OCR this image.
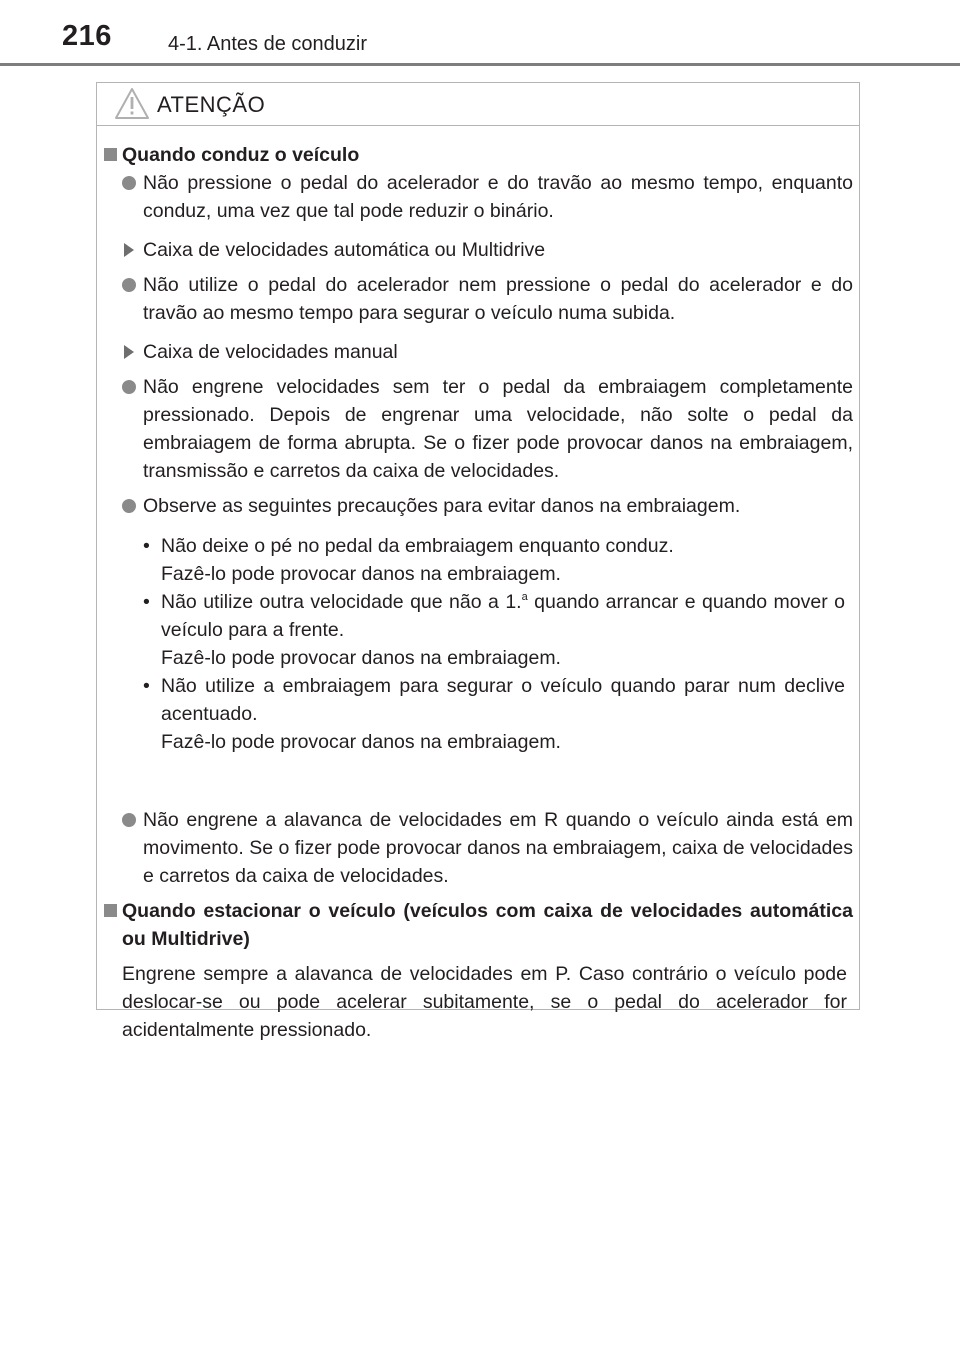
216	4-1. Antes de conduzir
ATENÇÃO
Quando conduz o veículo
Não pressione o pedal do acelerador e do travão ao mesmo tempo, enquanto conduz, uma vez que tal pode reduzir o binário.
Caixa de velocidades automática ou Multidrive
Não utilize o pedal do acelerador nem pressione o pedal do acelerador e do travão ao mesmo tempo para segurar o veículo numa subida.
Caixa de velocidades manual
Não engrene velocidades sem ter o pedal da embraiagem completamente pressionado. Depois de engrenar uma velocidade, não solte o pedal da embraiagem de forma abrupta. Se o fizer pode provocar danos na embraiagem, transmissão e carretos da caixa de velocidades.
Observe as seguintes precauções para evitar danos na embraiagem.
• Não deixe o pé no pedal da embraiagem enquanto conduz.
Fazê-lo pode provocar danos na embraiagem.
• Não utilize outra velocidade que não a 1.$^a$ quando arrancar e quando mover o veículo para a frente.
Fazê-lo pode provocar danos na embraiagem.
• Não utilize a embraiagem para segurar o veículo quando parar num declive acentuado.
Fazê-lo pode provocar danos na embraiagem.
Não engrene a alavanca de velocidades em R quando o veículo ainda está em movimento. Se o fizer pode provocar danos na embraiagem, caixa de velocidades e carretos da caixa de velocidades.
Quando estacionar o veículo (veículos com caixa de velocidades automática ou Multidrive)
Engrene sempre a alavanca de velocidades em P. Caso contrário o veículo pode deslocar-se ou pode acelerar subitamente, se o pedal do acelerador for acidentalmente pressionado.
